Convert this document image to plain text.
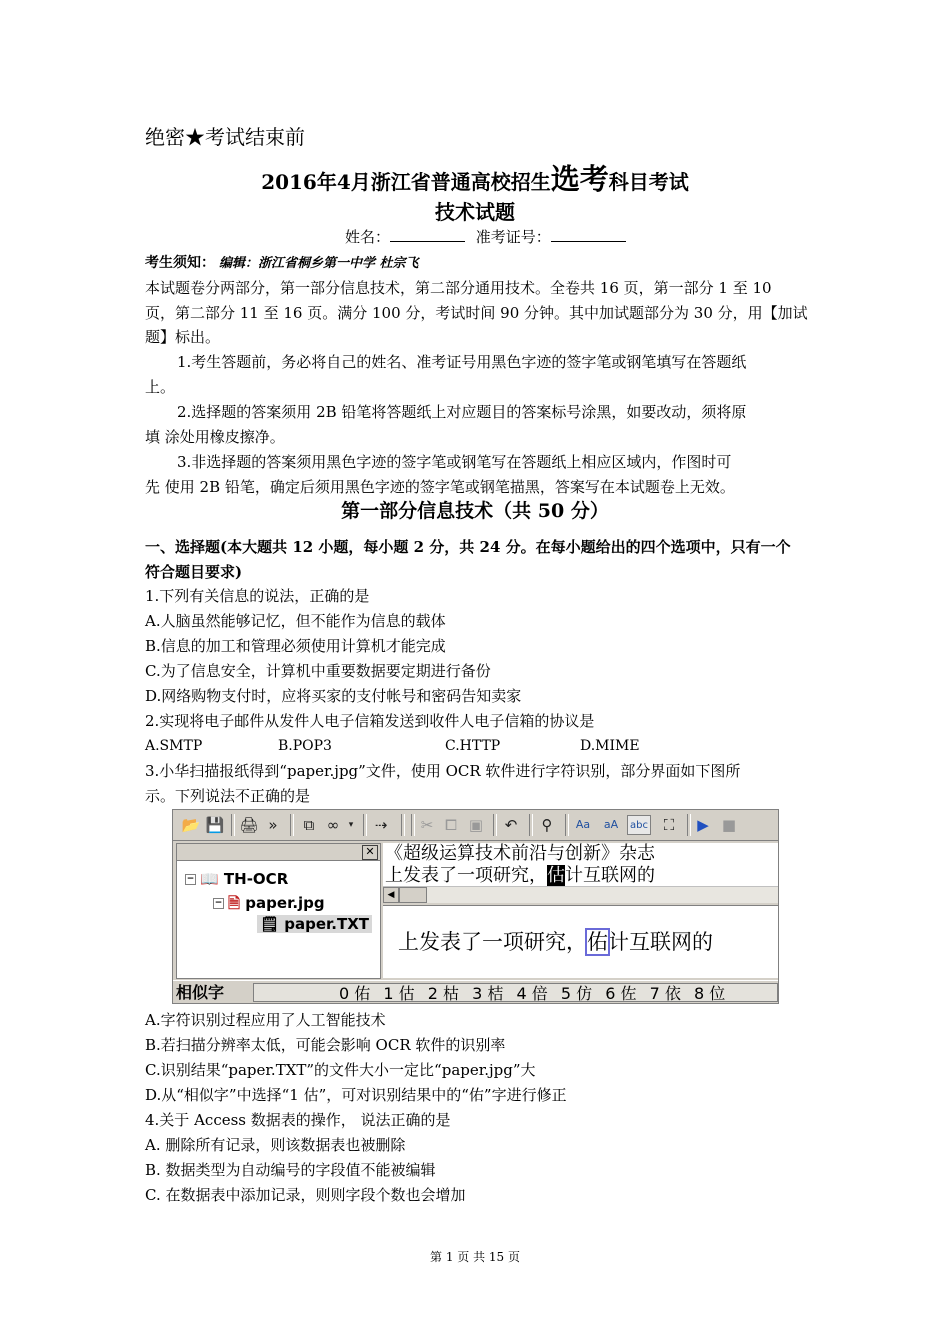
绝密★考试结束前
2016年4月浙江省普通高校招生选考科目考试
技术试题
姓名：	准考证号：
考生须知： 编辑：浙江省桐乡第一中学 杜宗飞
本试题卷分两部分，第一部分信息技术，第二部分通用技术。全卷共 16 页，第一部分 1 至 10
页，第二部分 11 至 16 页。满分 100 分，考试时间 90 分钟。其中加试题部分为 30 分，用【加试
题】标出。
1.考生答题前，务必将自己的姓名、准考证号用黑色字迹的签字笔或钢笔填写在答题纸
上。
2.选择题的答案须用 2B 铅笔将答题纸上对应题目的答案标号涂黑，如要改动，须将原
填 涂处用橡皮擦净。
3.非选择题的答案须用黑色字迹的签字笔或钢笔写在答题纸上相应区域内，作图时可
先 使用 2B 铅笔，确定后须用黑色字迹的签字笔或钢笔描黑，答案写在本试题卷上无效。
第一部分信息技术（共 50 分）
一、选择题(本大题共 12 小题，每小题 2 分，共 24 分。在每小题给出的四个选项中，只有一个
符合题目要求)
1.下列有关信息的说法，正确的是
A.人脑虽然能够记忆，但不能作为信息的载体
B.信息的加工和管理必须使用计算机才能完成
C.为了信息安全，计算机中重要数据要定期进行备份
D.网络购物支付时，应将买家的支付帐号和密码告知卖家
2.实现将电子邮件从发件人电子信箱发送到收件人电子信箱的协议是
A.SMTP	B.POP3	C.HTTP	D.MIME
3.小华扫描报纸得到“paper.jpg”文件，使用 OCR 软件进行字符识别，部分界面如下图所
示。下列说法不正确的是
📂 💾 🖨 »	⧉ ∞	▾	⇢ ✂ ⧠ ▣ ↶	⚲	Aa aA	abc	⛶	▶ ■
✕
− 📖 TH-OCR
− 🗎 paper.jpg
🗒 paper.TXT
《超级运算技术前沿与创新》杂志
上发表了一项研究，估计互联网的
◀
上发表了一项研究，佑计互联网的
相似字	0 佑 1 估 2 枯 3 桔 4 倍 5 仿 6 佐 7 依 8 位
A.字符识别过程应用了人工智能技术
B.若扫描分辨率太低，可能会影响 OCR 软件的识别率
C.识别结果“paper.TXT”的文件大小一定比“paper.jpg”大
D.从“相似字”中选择“1 估”，可对识别结果中的“佑”字进行修正
4.关于 Access 数据表的操作， 说法正确的是
A. 删除所有记录，则该数据表也被删除
B. 数据类型为自动编号的字段值不能被编辑
C. 在数据表中添加记录，则则字段个数也会增加
第 1 页 共 15 页
